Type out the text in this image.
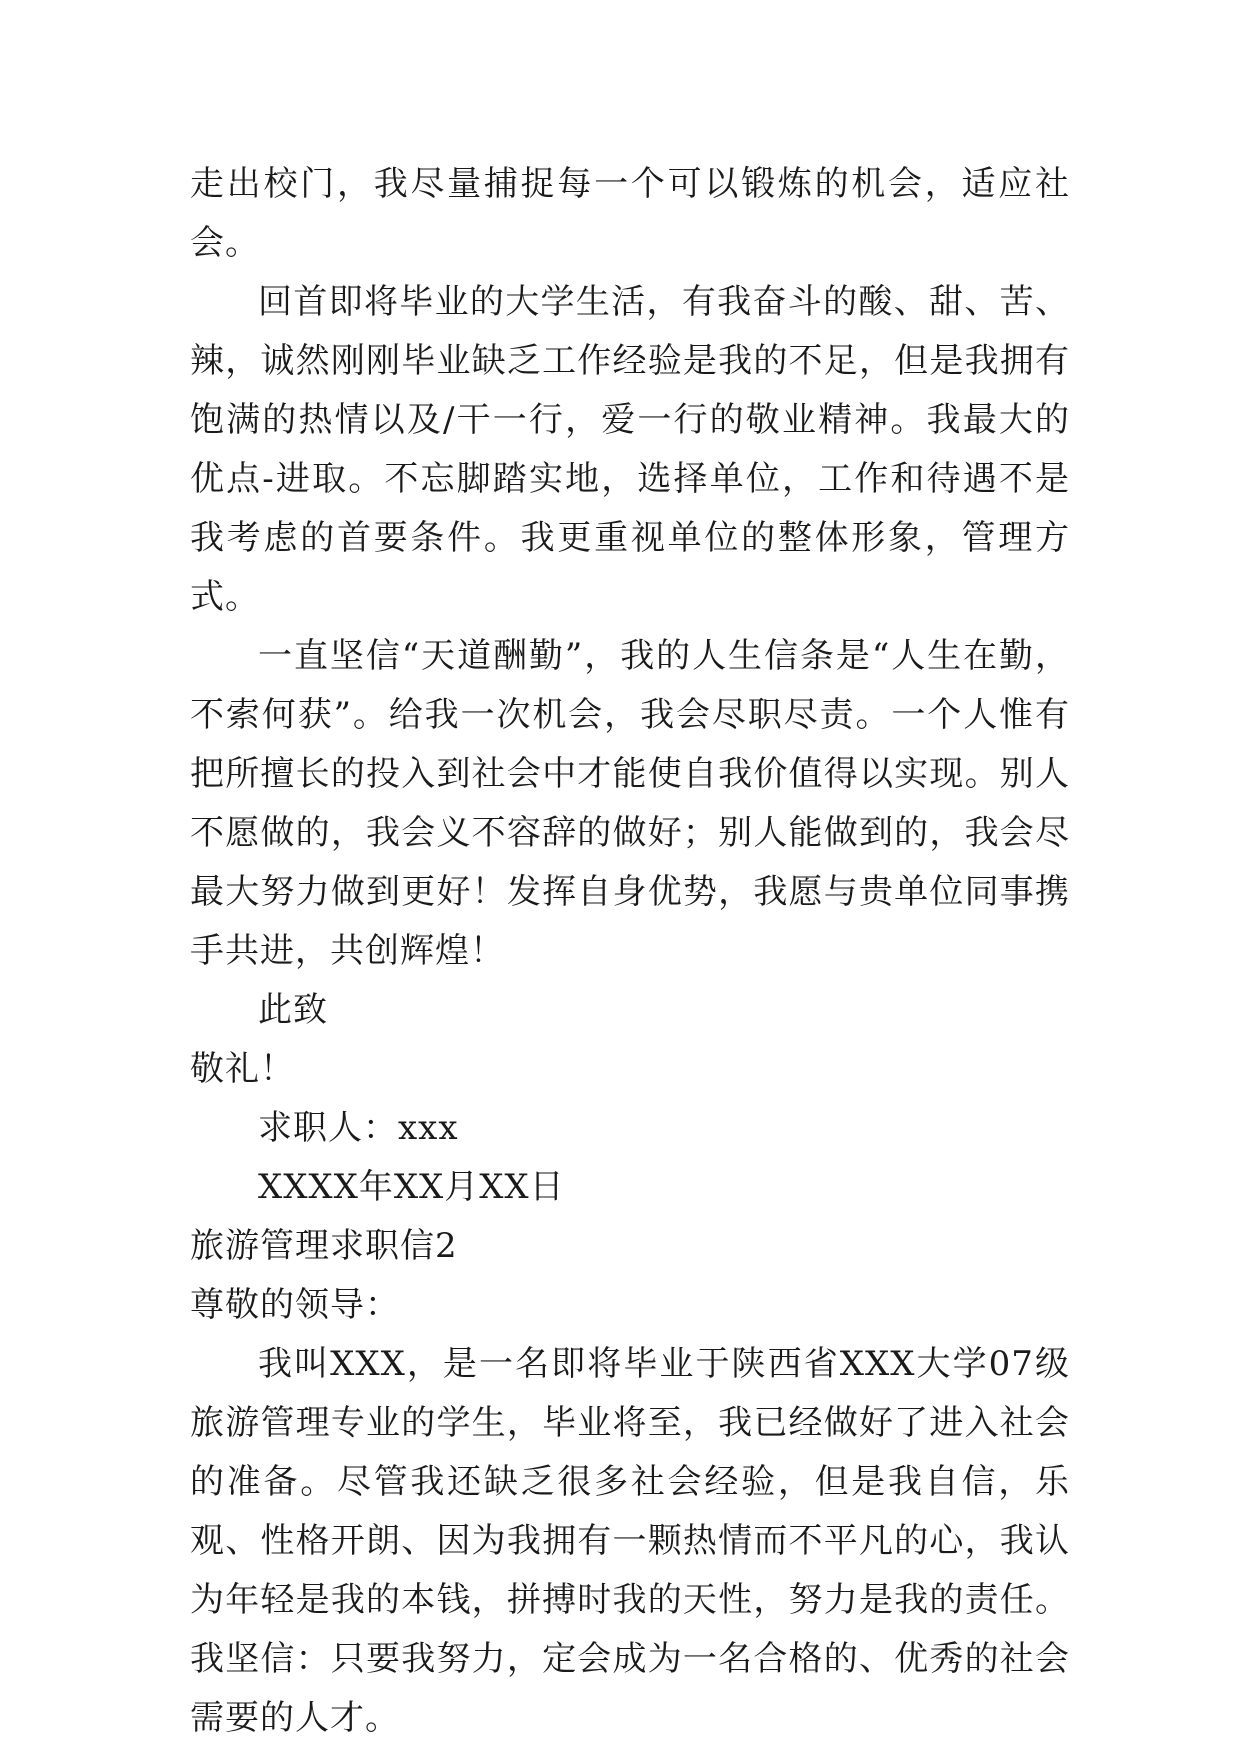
走出校门，我尽量捕捉每一个可以锻炼的机会，适应社会。

回首即将毕业的大学生活，有我奋斗的酸、甜、苦、辣，诚然刚刚毕业缺乏工作经验是我的不足，但是我拥有饱满的热情以及/干一行，爱一行的敬业精神。我最大的优点-进取。不忘脚踏实地，选择单位，工作和待遇不是我考虑的首要条件。我更重视单位的整体形象，管理方式。

一直坚信“天道酬勤”，我的人生信条是“人生在勤，不索何获”。给我一次机会，我会尽职尽责。一个人惟有把所擅长的投入到社会中才能使自我价值得以实现。别人不愿做的，我会义不容辞的做好；别人能做到的，我会尽最大努力做到更好！发挥自身优势，我愿与贵单位同事携手共进，共创辉煌！

此致

敬礼！

求职人：xxx

XXXX年XX月XX日

旅游管理求职信2

尊敬的领导：

我叫XXX，是一名即将毕业于陕西省XXX大学07级旅游管理专业的学生，毕业将至，我已经做好了进入社会的准备。尽管我还缺乏很多社会经验，但是我自信，乐观、性格开朗、因为我拥有一颗热情而不平凡的心，我认为年轻是我的本钱，拼搏时我的天性，努力是我的责任。我坚信：只要我努力，定会成为一名合格的、优秀的社会需要的人才。
